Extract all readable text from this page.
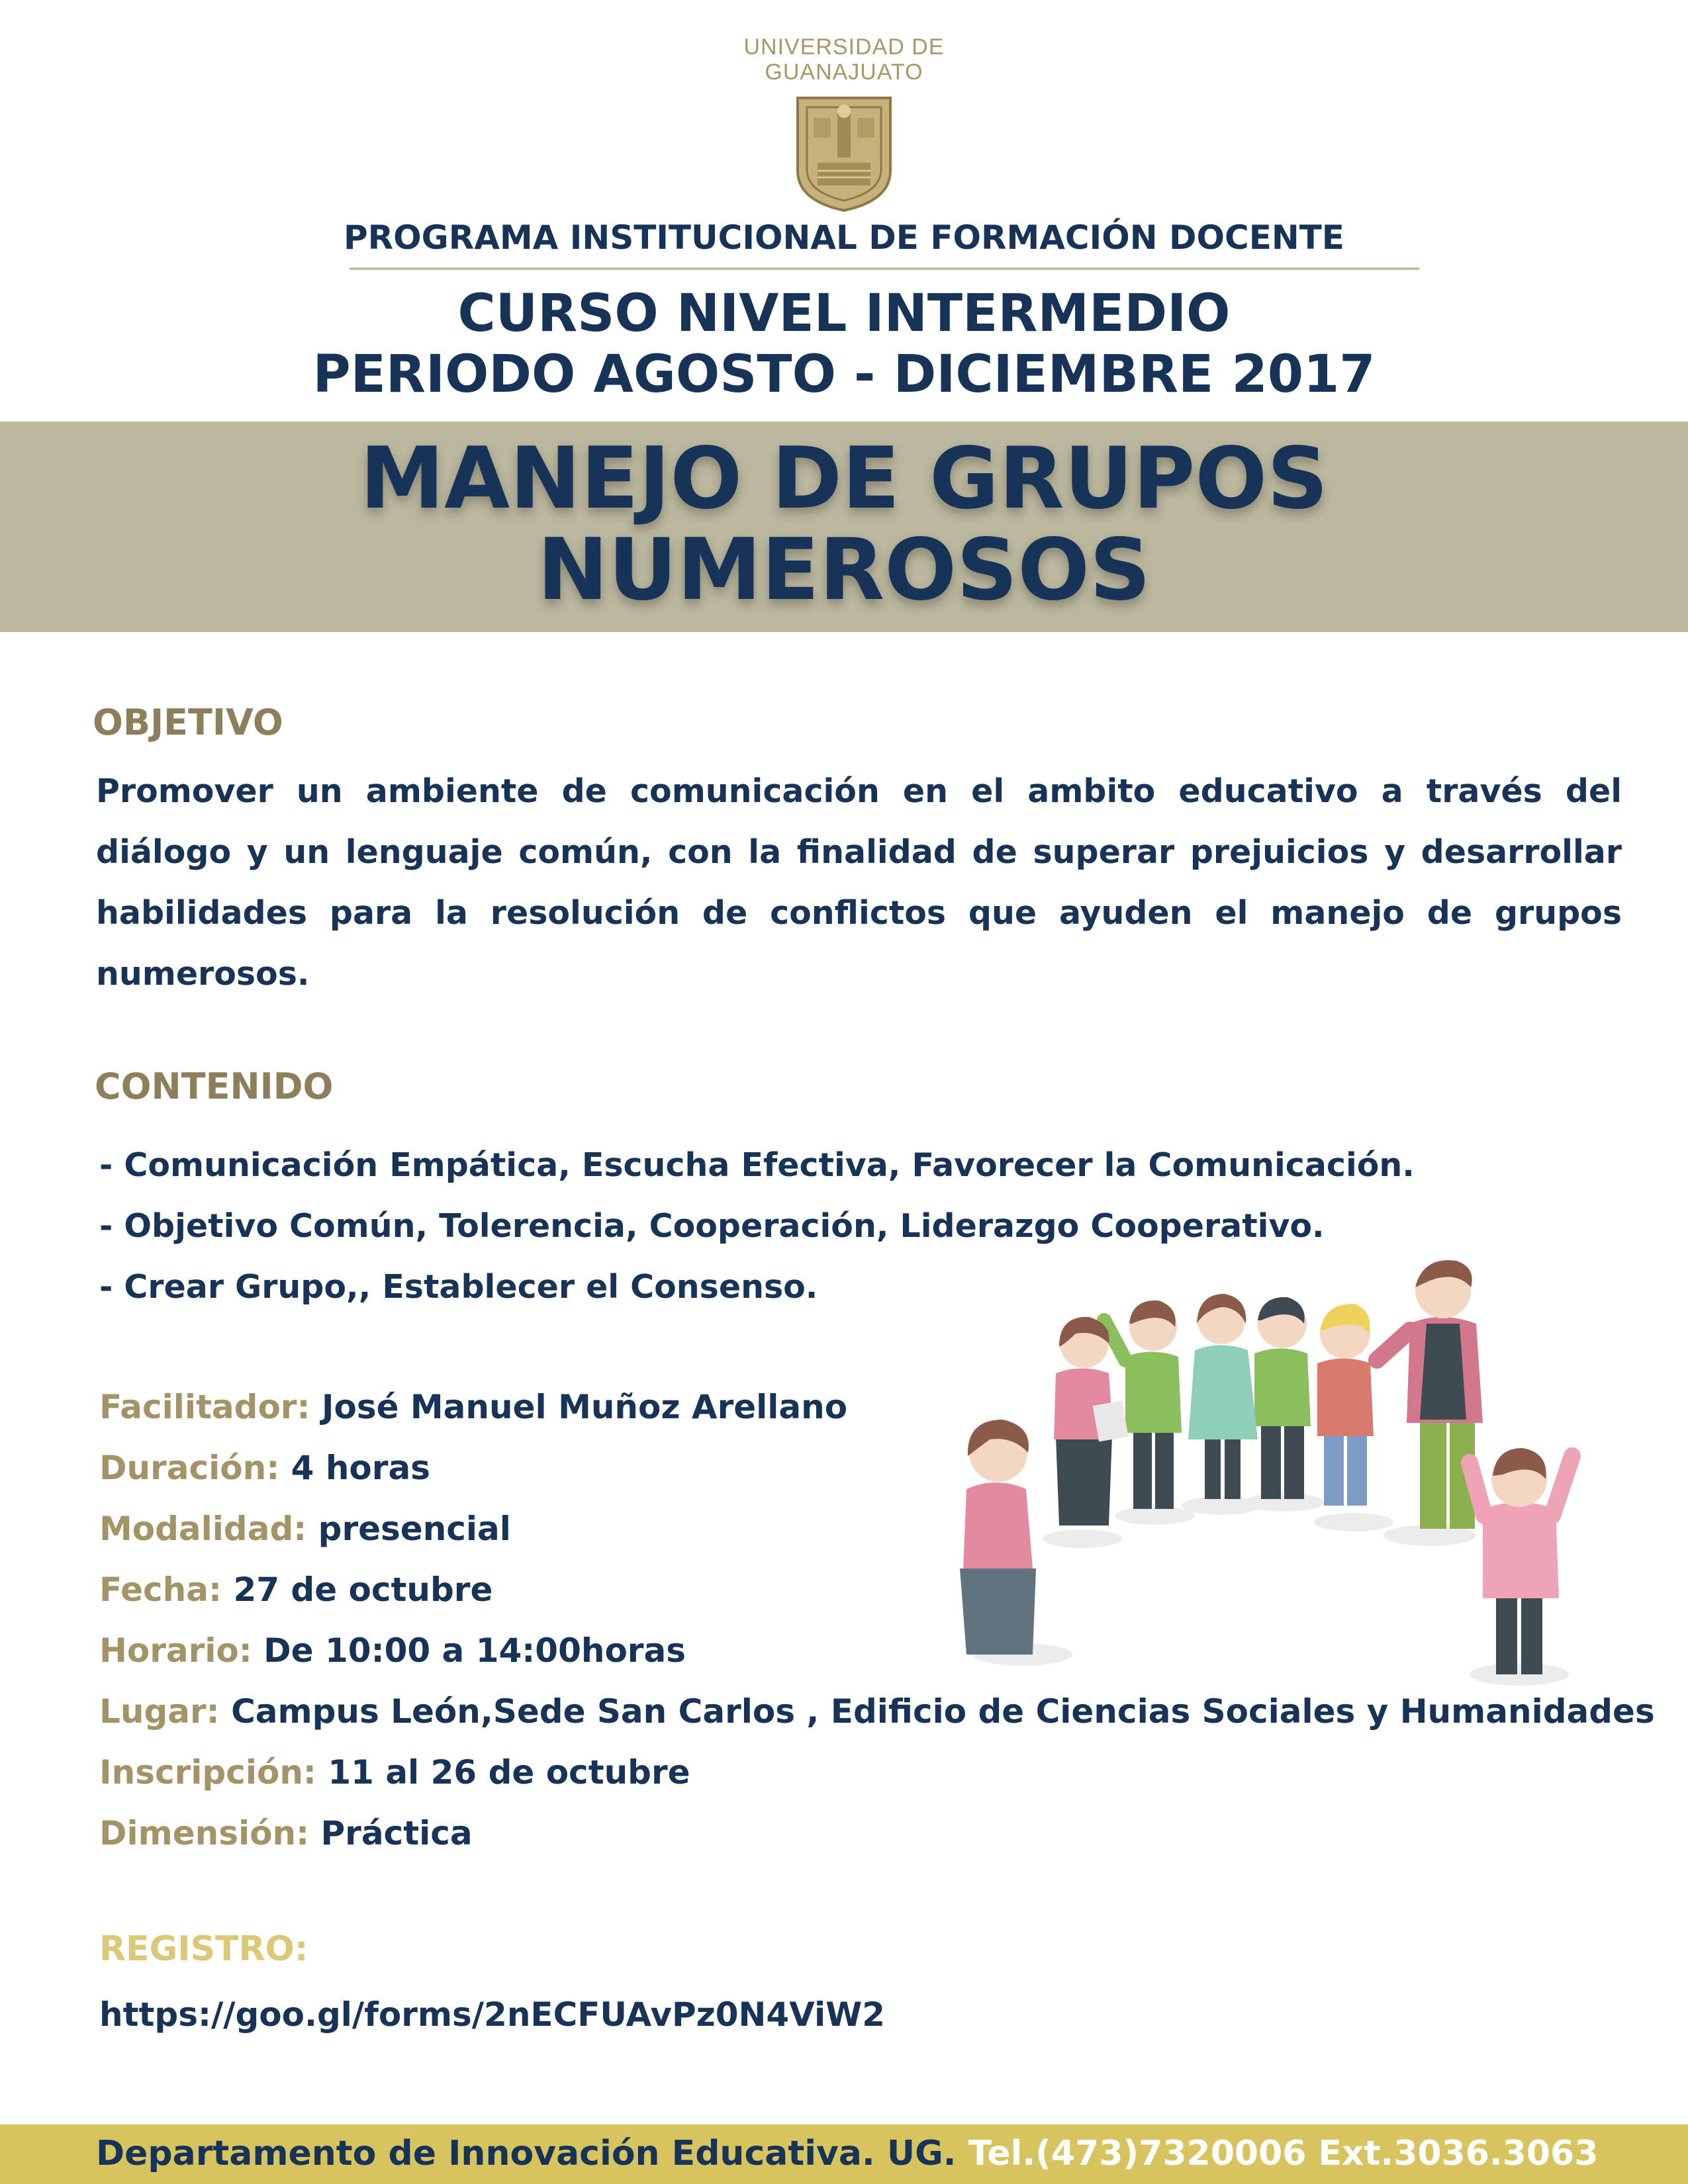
UNIVERSIDAD DE
GUANAJUATO
PROGRAMA INSTITUCIONAL DE FORMACIÓN DOCENTE
CURSO NIVEL INTERMEDIO
PERIODO AGOSTO - DICIEMBRE 2017
MANEJO DE GRUPOS
NUMEROSOS
OBJETIVO
Promover un ambiente de comunicación en el ambito educativo a través del diálogo y un lenguaje común, con la finalidad de superar prejuicios y desarrollar habilidades para la resolución de conflictos que ayuden el manejo de grupos numerosos.
CONTENIDO
- Comunicación Empática, Escucha Efectiva, Favorecer la Comunicación.
- Objetivo Común, Tolerencia, Cooperación, Liderazgo Cooperativo.
- Crear Grupo,, Establecer el Consenso.
Facilitador: José Manuel Muñoz Arellano
Duración: 4 horas
Modalidad: presencial
Fecha: 27 de octubre
Horario: De 10:00 a 14:00horas
Lugar: Campus León,Sede San Carlos , Edificio de Ciencias Sociales y Humanidades
Inscripción: 11 al 26 de octubre
Dimensión: Práctica
REGISTRO:
https://goo.gl/forms/2nECFUAvPz0N4ViW2
Departamento de Innovación Educativa. UG. Tel.(473)7320006 Ext.3036.3063
